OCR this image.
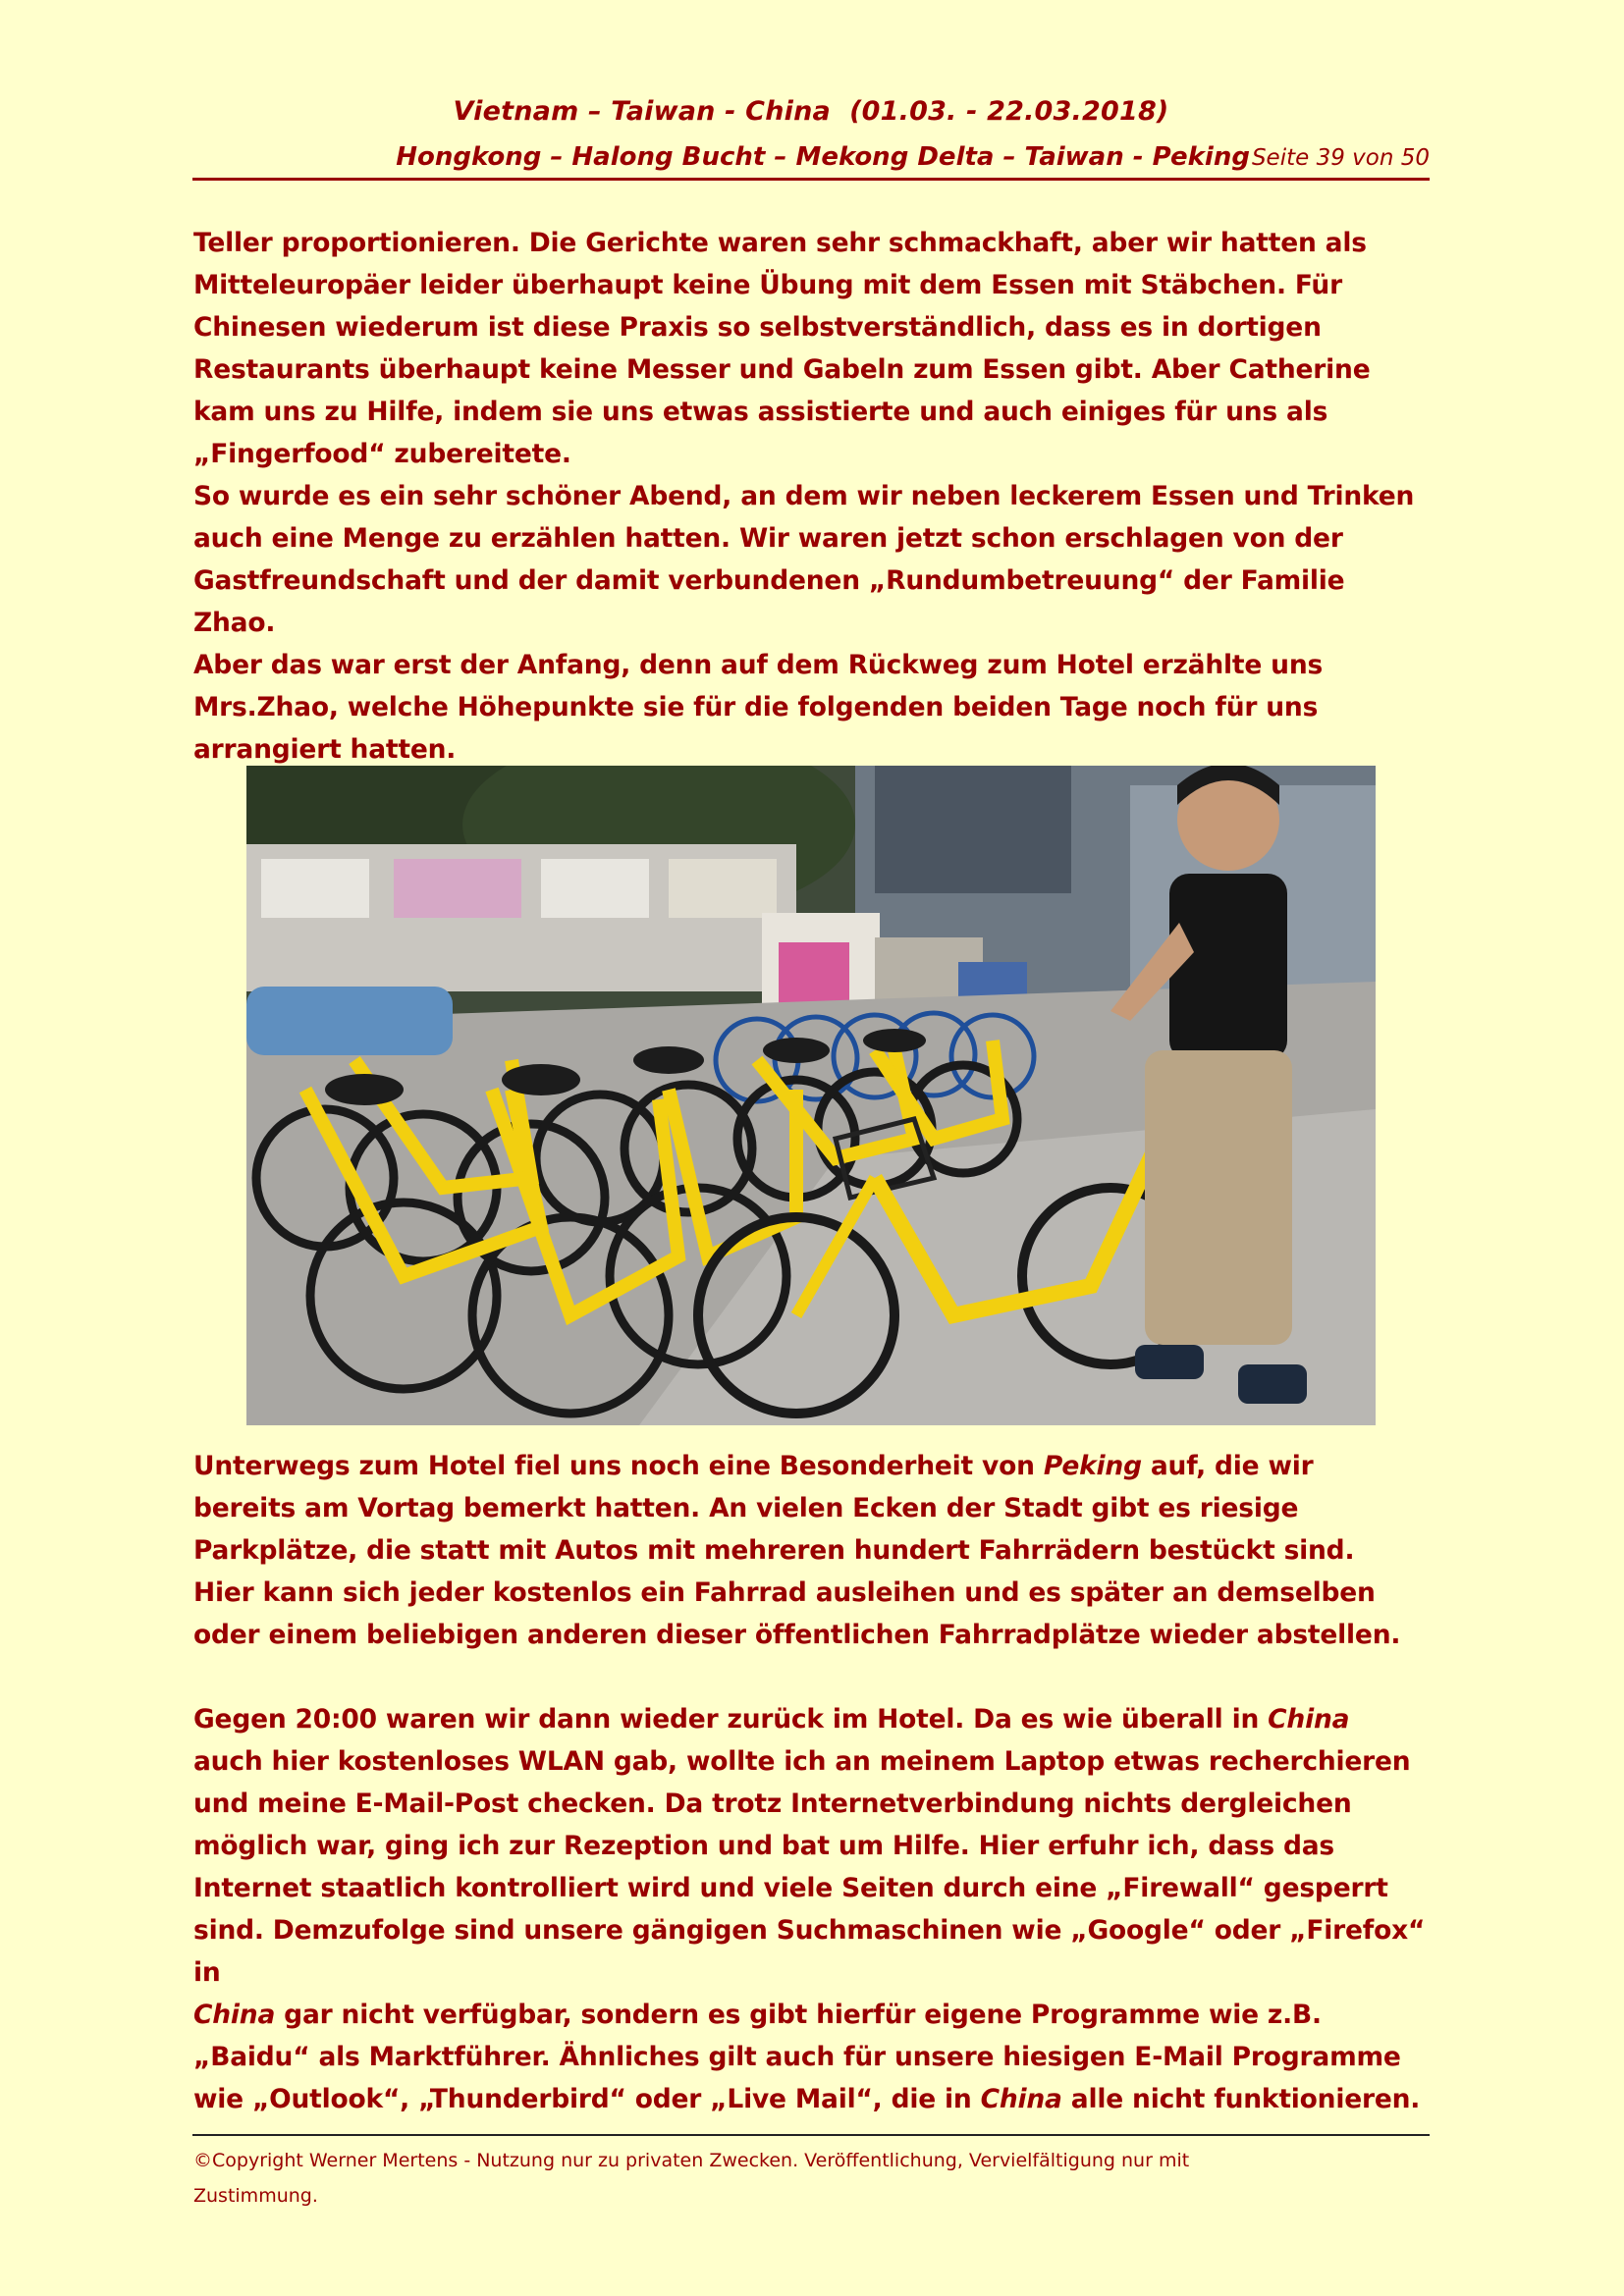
Vietnam – Taiwan - China  (01.03. - 22.03.2018)
Hongkong – Halong Bucht – Mekong Delta – Taiwan - PekingSeite 39 von 50

Teller proportionieren. Die Gerichte waren sehr schmackhaft, aber wir hatten als
Mitteleuropäer leider überhaupt keine Übung mit dem Essen mit Stäbchen. Für
Chinesen wiederum ist diese Praxis so selbstverständlich, dass es in dortigen
Restaurants überhaupt keine Messer und Gabeln zum Essen gibt. Aber Catherine
kam uns zu Hilfe, indem sie uns etwas assistierte und auch einiges für uns als
„Fingerfood“ zubereitete.

So wurde es ein sehr schöner Abend, an dem wir neben leckerem Essen und Trinken
auch eine Menge zu erzählen hatten. Wir waren jetzt schon erschlagen von der
Gastfreundschaft und der damit verbundenen „Rundumbetreuung“ der Familie Zhao.
Aber das war erst der Anfang, denn auf dem Rückweg zum Hotel erzählte uns
Mrs.Zhao, welche Höhepunkte sie für die folgenden beiden Tage noch für uns
arrangiert hatten.

Unterwegs zum Hotel fiel uns noch eine Besonderheit von Peking auf, die wir
bereits am Vortag bemerkt hatten. An vielen Ecken der Stadt gibt es riesige
Parkplätze, die statt mit Autos mit mehreren hundert Fahrrädern bestückt sind.
Hier kann sich jeder kostenlos ein Fahrrad ausleihen und es später an demselben
oder einem beliebigen anderen dieser öffentlichen Fahrradplätze wieder abstellen.

Gegen 20:00 waren wir dann wieder zurück im Hotel. Da es wie überall in China
auch hier kostenloses WLAN gab, wollte ich an meinem Laptop etwas recherchieren
und meine E-Mail-Post checken. Da trotz Internetverbindung nichts dergleichen
möglich war, ging ich zur Rezeption und bat um Hilfe. Hier erfuhr ich, dass das
Internet staatlich kontrolliert wird und viele Seiten durch eine „Firewall“ gesperrt
sind. Demzufolge sind unsere gängigen Suchmaschinen wie „Google“ oder „Firefox“ in
China gar nicht verfügbar, sondern es gibt hierfür eigene Programme wie z.B.
„Baidu“ als Marktführer. Ähnliches gilt auch für unsere hiesigen E-Mail Programme
wie „Outlook“, „Thunderbird“ oder „Live Mail“, die in China alle nicht funktionieren.

©Copyright Werner Mertens - Nutzung nur zu privaten Zwecken. Veröffentlichung, Vervielfältigung nur mit
Zustimmung.
